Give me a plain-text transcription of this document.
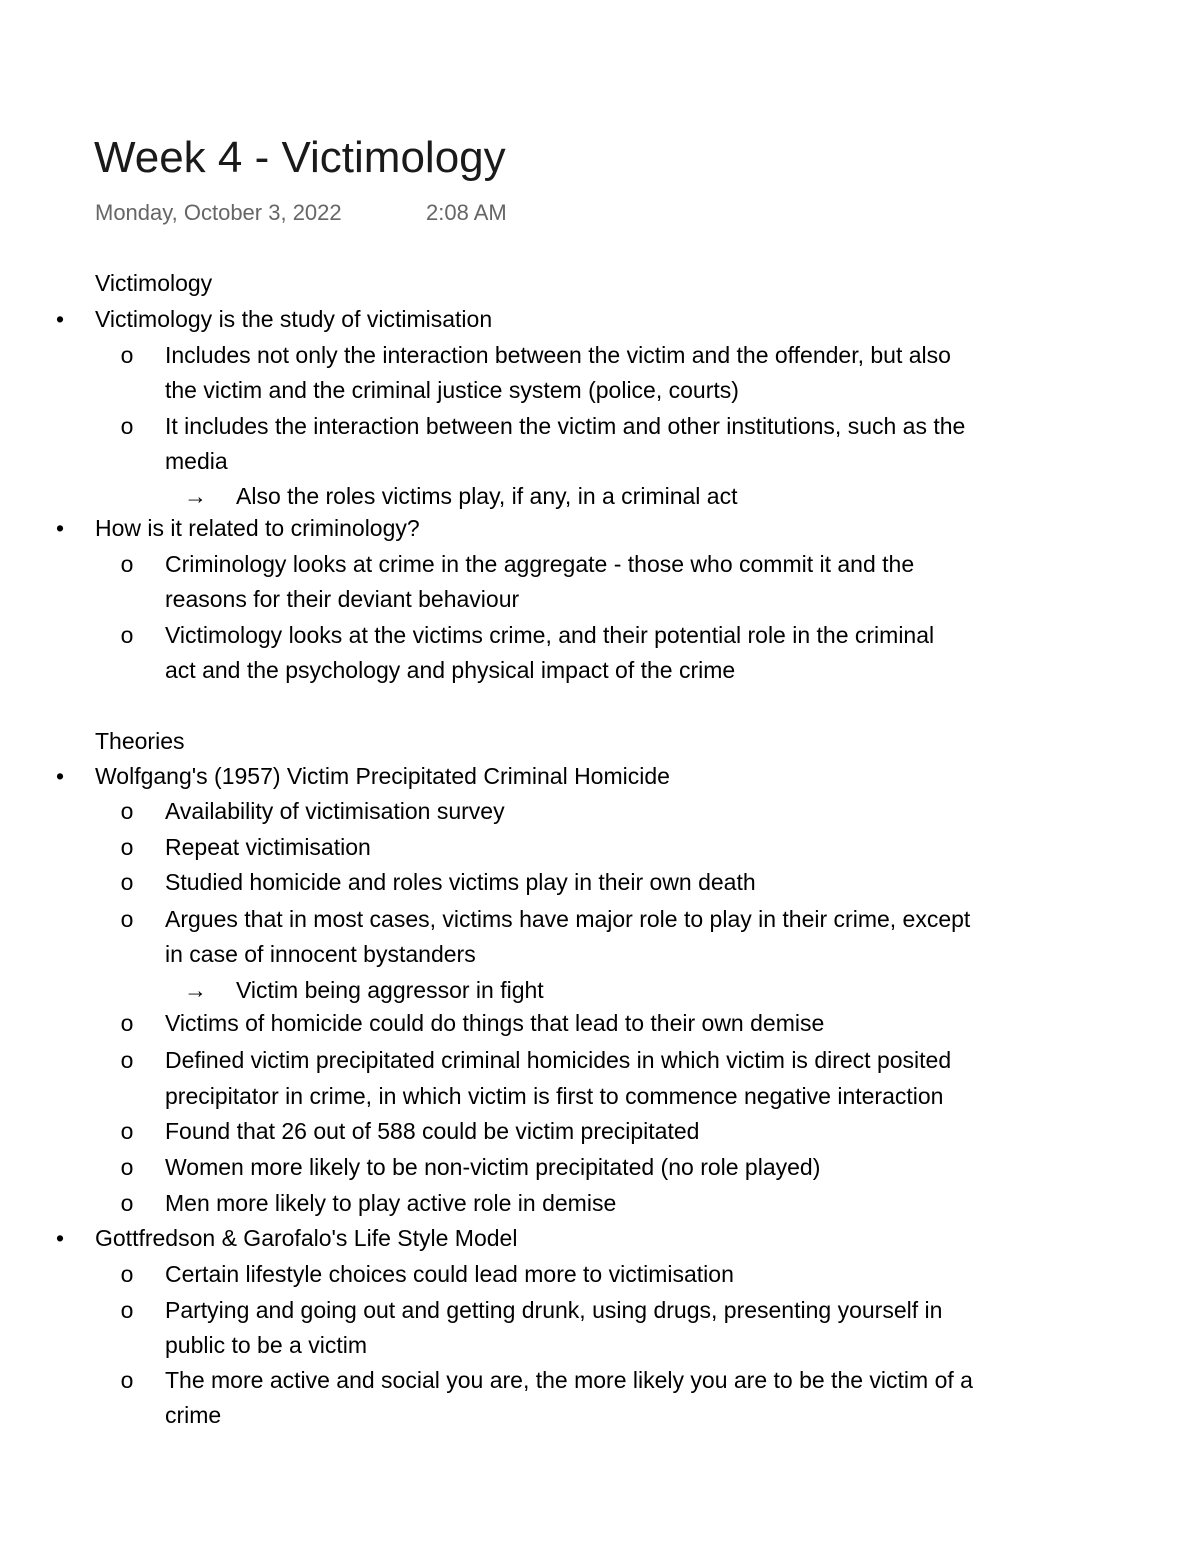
Week 4 - Victimology
Monday, October 3, 2022	2:08 AM
Victimology
• Victimology is the study of victimisation
o Includes not only the interaction between the victim and the offender, but also
the victim and the criminal justice system (police, courts)
o It includes the interaction between the victim and other institutions, such as the
media
→ Also the roles victims play, if any, in a criminal act
• How is it related to criminology?
o Criminology looks at crime in the aggregate - those who commit it and the
reasons for their deviant behaviour
o Victimology looks at the victims crime, and their potential role in the criminal
act and the psychology and physical impact of the crime
Theories
• Wolfgang's (1957) Victim Precipitated Criminal Homicide
o Availability of victimisation survey
o Repeat victimisation
o Studied homicide and roles victims play in their own death
o Argues that in most cases, victims have major role to play in their crime, except
in case of innocent bystanders
→ Victim being aggressor in fight
o Victims of homicide could do things that lead to their own demise
o Defined victim precipitated criminal homicides in which victim is direct posited
precipitator in crime, in which victim is first to commence negative interaction
o Found that 26 out of 588 could be victim precipitated
o Women more likely to be non-victim precipitated (no role played)
o Men more likely to play active role in demise
• Gottfredson & Garofalo's Life Style Model
o Certain lifestyle choices could lead more to victimisation
o Partying and going out and getting drunk, using drugs, presenting yourself in
public to be a victim
o The more active and social you are, the more likely you are to be the victim of a
crime
